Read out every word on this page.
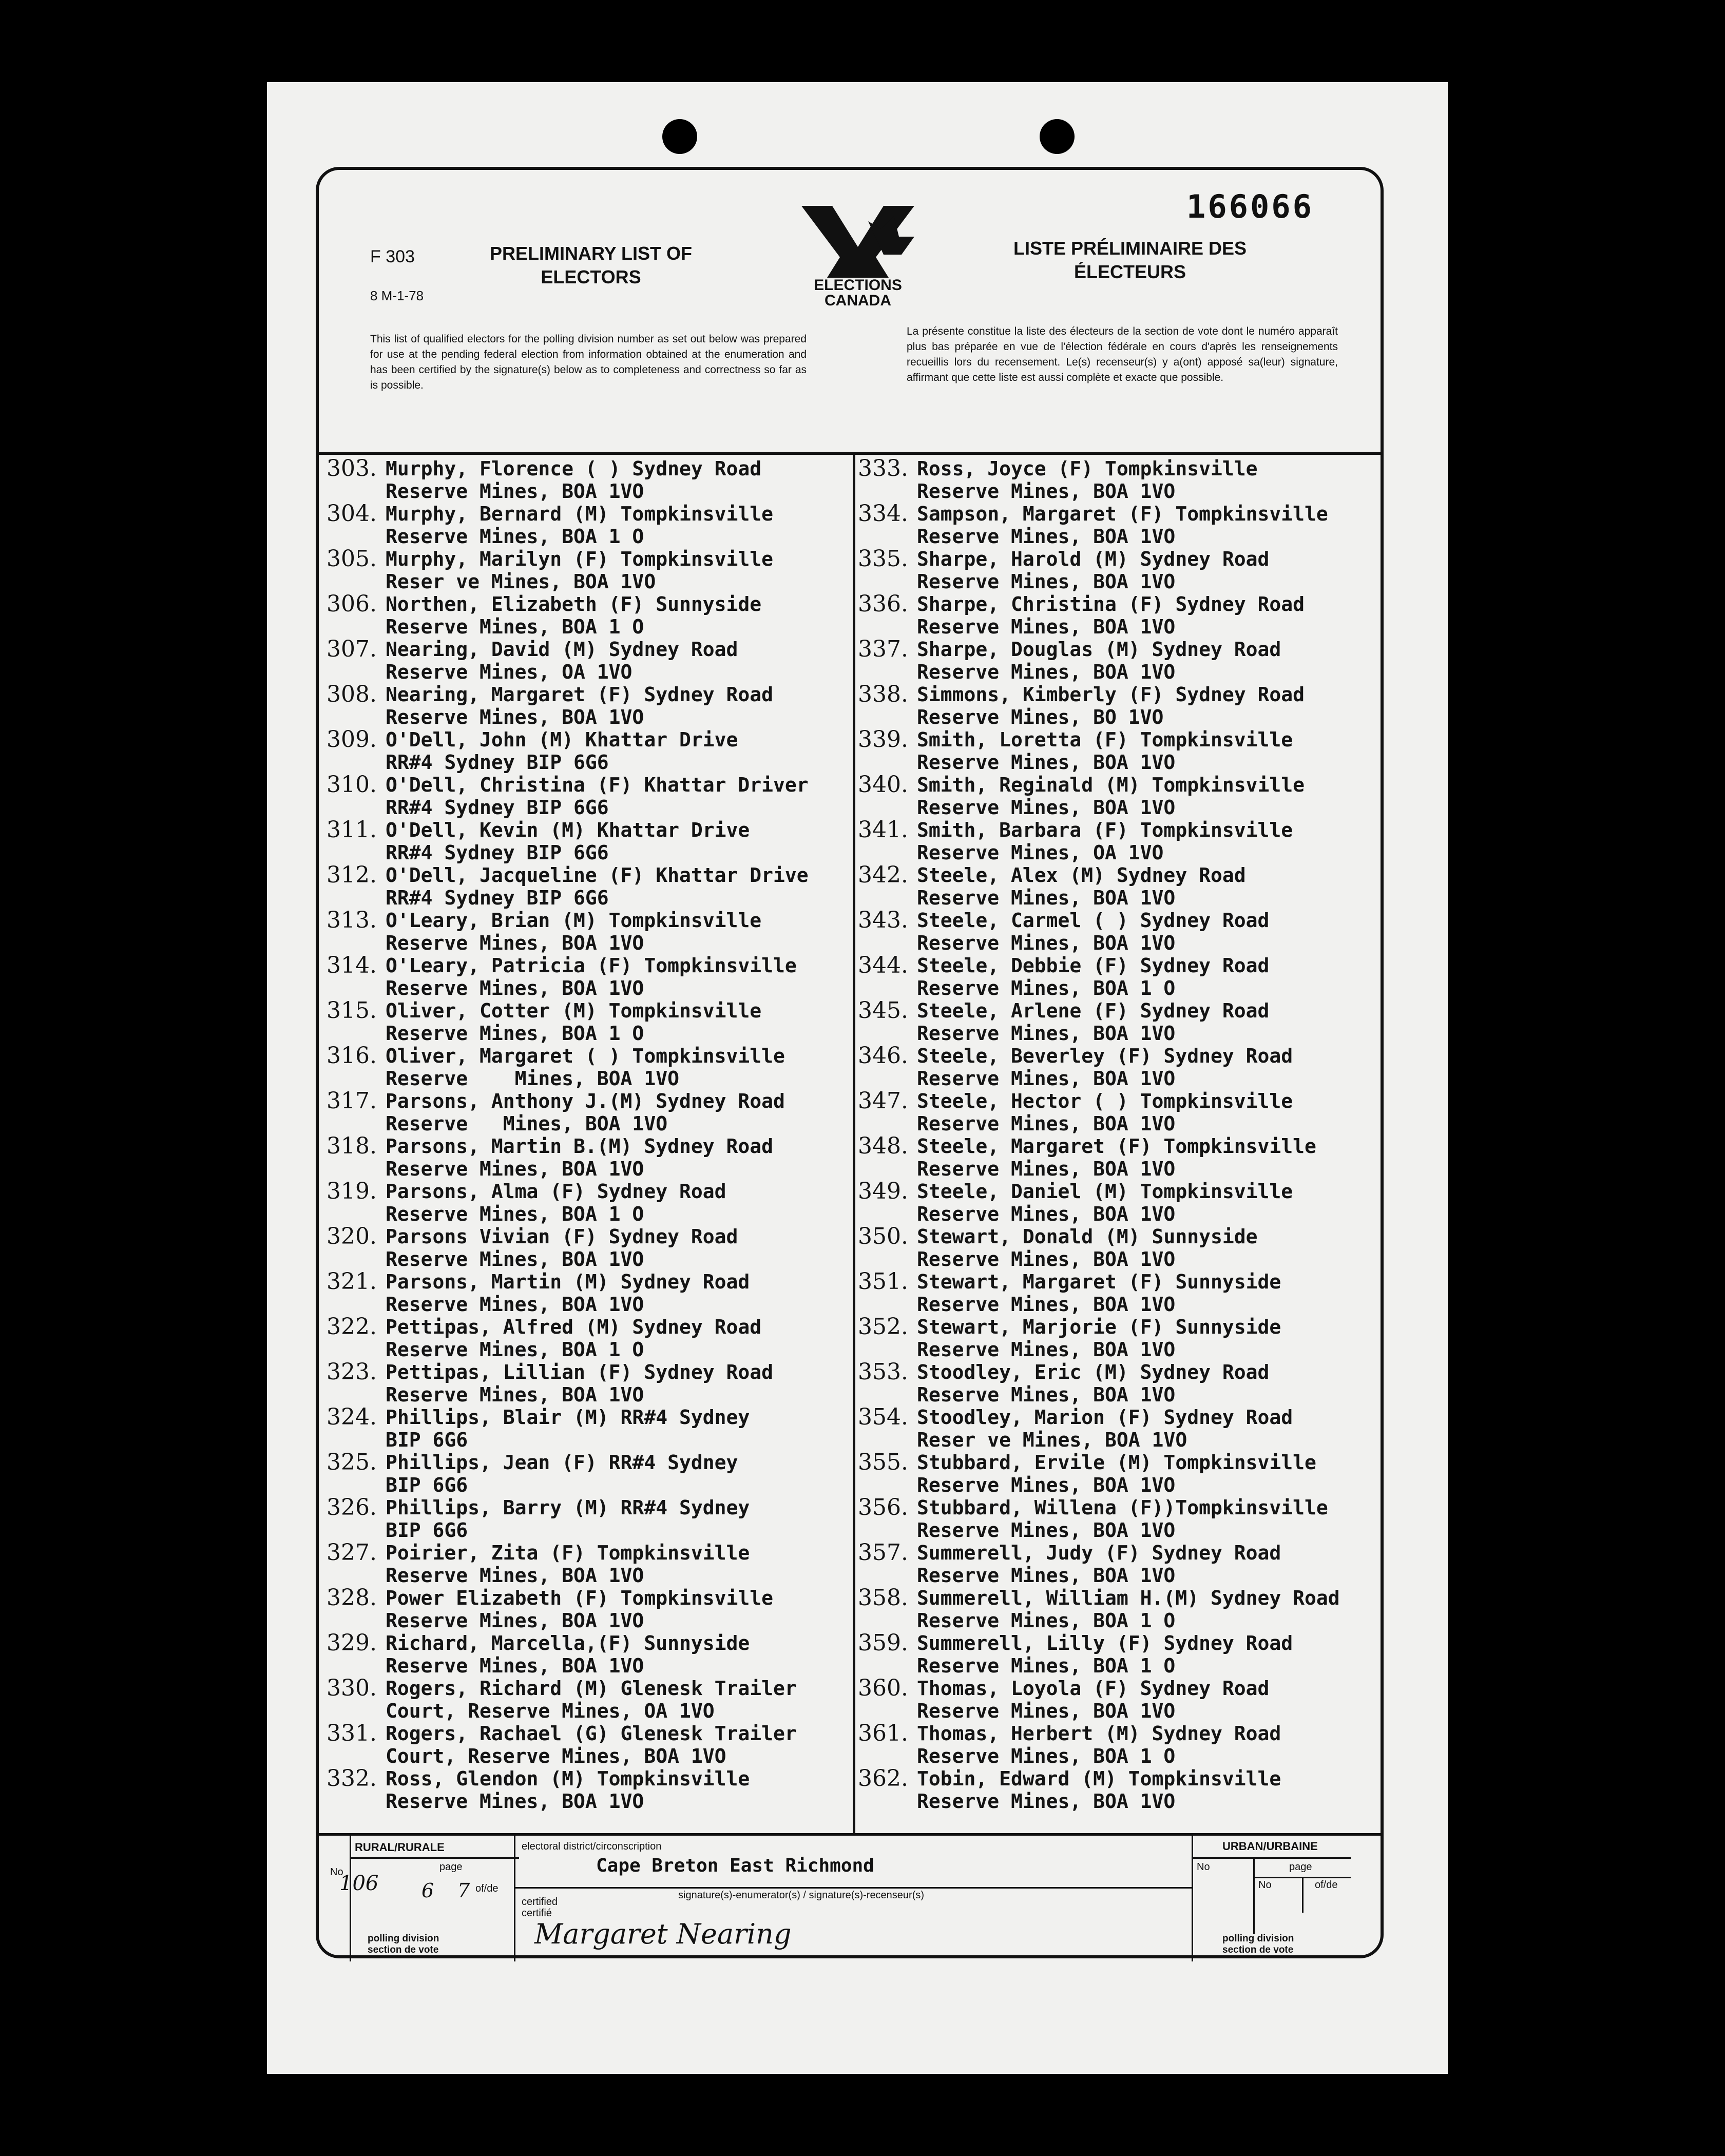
F 303
8 M-1-78
PRELIMINARY LIST OF ELECTORS
LISTE PRÉLIMINAIRE DES ÉLECTEURS
166066
ELECTIONS CANADA
This list of qualified electors for the polling division number as set out below was prepared for use at the pending federal election from information obtained at the enumeration and has been certified by the signature(s) below as to completeness and correctness so far as is possible.
La présente constitue la liste des électeurs de la section de vote dont le numéro apparaît plus bas préparée en vue de l'élection fédérale en cours d'après les renseignements recueillis lors du recensement. Le(s) recenseur(s) y a(ont) apposé sa(leur) signature, affirmant que cette liste est aussi complète et exacte que possible.
303. Murphy, Florence ( ) Sydney Road
Reserve Mines, BOA 1VO
304. Murphy, Bernard (M) Tompkinsville
Reserve Mines, BOA 1 O
305. Murphy, Marilyn (F) Tompkinsville
Reser ve Mines, BOA 1VO
306. Northen, Elizabeth (F) Sunnyside
Reserve Mines, BOA 1 O
307. Nearing, David (M) Sydney Road
Reserve Mines, OA 1VO
308. Nearing, Margaret (F) Sydney Road
Reserve Mines, BOA 1VO
309. O'Dell, John (M) Khattar Drive
RR#4 Sydney BIP 6G6
310. O'Dell, Christina (F) Khattar Driver
RR#4 Sydney BIP 6G6
311. O'Dell, Kevin (M) Khattar Drive
RR#4 Sydney BIP 6G6
312. O'Dell, Jacqueline (F) Khattar Drive
RR#4 Sydney BIP 6G6
313. O'Leary, Brian (M) Tompkinsville
Reserve Mines, BOA 1VO
314. O'Leary, Patricia (F) Tompkinsville
Reserve Mines, BOA 1VO
315. Oliver, Cotter (M) Tompkinsville
Reserve Mines, BOA 1 O
316. Oliver, Margaret ( ) Tompkinsville
Reserve    Mines, BOA 1VO
317. Parsons, Anthony J.(M) Sydney Road
Reserve   Mines, BOA 1VO
318. Parsons, Martin B.(M) Sydney Road
Reserve Mines, BOA 1VO
319. Parsons, Alma (F) Sydney Road
Reserve Mines, BOA 1 O
320. Parsons Vivian (F) Sydney Road
Reserve Mines, BOA 1VO
321. Parsons, Martin (M) Sydney Road
Reserve Mines, BOA 1VO
322. Pettipas, Alfred (M) Sydney Road
Reserve Mines, BOA 1 O
323. Pettipas, Lillian (F) Sydney Road
Reserve Mines, BOA 1VO
324. Phillips, Blair (M) RR#4 Sydney
BIP 6G6
325. Phillips, Jean (F) RR#4 Sydney
BIP 6G6
326. Phillips, Barry (M) RR#4 Sydney
BIP 6G6
327. Poirier, Zita (F) Tompkinsville
Reserve Mines, BOA 1VO
328. Power Elizabeth (F) Tompkinsville
Reserve Mines, BOA 1VO
329. Richard, Marcella,(F) Sunnyside
Reserve Mines, BOA 1VO
330. Rogers, Richard (M) Glenesk Trailer
Court, Reserve Mines, OA 1VO
331. Rogers, Rachael (G) Glenesk Trailer
Court, Reserve Mines, BOA 1VO
332. Ross, Glendon (M) Tompkinsville
Reserve Mines, BOA 1VO
333. Ross, Joyce (F) Tompkinsville
Reserve Mines, BOA 1VO
334. Sampson, Margaret (F) Tompkinsville
Reserve Mines, BOA 1VO
335. Sharpe, Harold (M) Sydney Road
Reserve Mines, BOA 1VO
336. Sharpe, Christina (F) Sydney Road
Reserve Mines, BOA 1VO
337. Sharpe, Douglas (M) Sydney Road
Reserve Mines, BOA 1VO
338. Simmons, Kimberly (F) Sydney Road
Reserve Mines, BO 1VO
339. Smith, Loretta (F) Tompkinsville
Reserve Mines, BOA 1VO
340. Smith, Reginald (M) Tompkinsville
Reserve Mines, BOA 1VO
341. Smith, Barbara (F) Tompkinsville
Reserve Mines, OA 1VO
342. Steele, Alex (M) Sydney Road
Reserve Mines, BOA 1VO
343. Steele, Carmel ( ) Sydney Road
Reserve Mines, BOA 1VO
344. Steele, Debbie (F) Sydney Road
Reserve Mines, BOA 1 O
345. Steele, Arlene (F) Sydney Road
Reserve Mines, BOA 1VO
346. Steele, Beverley (F) Sydney Road
Reserve Mines, BOA 1VO
347. Steele, Hector ( ) Tompkinsville
Reserve Mines, BOA 1VO
348. Steele, Margaret (F) Tompkinsville
Reserve Mines, BOA 1VO
349. Steele, Daniel (M) Tompkinsville
Reserve Mines, BOA 1VO
350. Stewart, Donald (M) Sunnyside
Reserve Mines, BOA 1VO
351. Stewart, Margaret (F) Sunnyside
Reserve Mines, BOA 1VO
352. Stewart, Marjorie (F) Sunnyside
Reserve Mines, BOA 1VO
353. Stoodley, Eric (M) Sydney Road
Reserve Mines, BOA 1VO
354. Stoodley, Marion (F) Sydney Road
Reser ve Mines, BOA 1VO
355. Stubbard, Ervile (M) Tompkinsville
Reserve Mines, BOA 1VO
356. Stubbard, Willena (F))Tompkinsville
Reserve Mines, BOA 1VO
357. Summerell, Judy (F) Sydney Road
Reserve Mines, BOA 1VO
358. Summerell, William H.(M) Sydney Road
Reserve Mines, BOA 1 O
359. Summerell, Lilly (F) Sydney Road
Reserve Mines, BOA 1 O
360. Thomas, Loyola (F) Sydney Road
Reserve Mines, BOA 1VO
361. Thomas, Herbert (M) Sydney Road
Reserve Mines, BOA 1 O
362. Tobin, Edward (M) Tompkinsville
Reserve Mines, BOA 1VO
RURAL/RURALE
No
106
page
6 7 of/de
polling division section de vote
electoral district/circonscription
Cape Breton East Richmond
certified certifié
signature(s)-enumerator(s) / signature(s)-recenseur(s)
Margaret Nearing
URBAN/URBAINE
No	page
No	of/de
polling division section de vote
